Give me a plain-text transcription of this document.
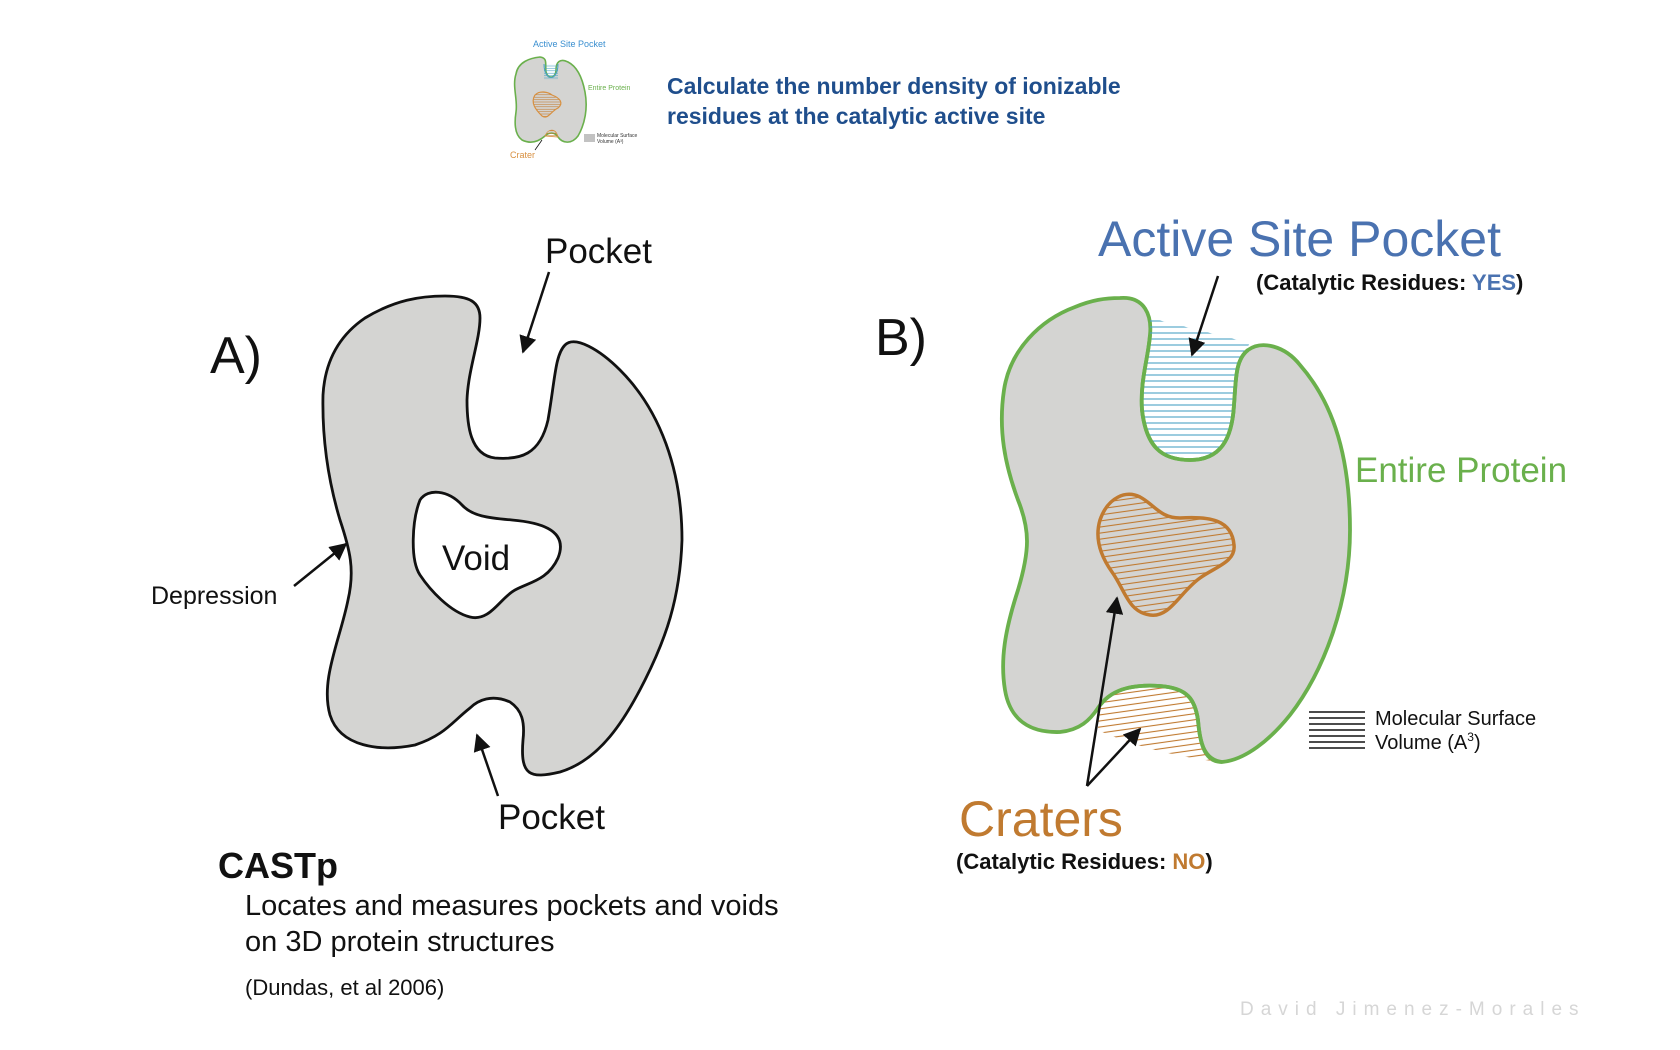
Active Site Pocket
Entire Protein
Crater
Molecular Surface
Volume (A³)
Calculate the number density of ionizable
residues at the catalytic active site
A)
Pocket
Void
Depression
Pocket
B)
Active Site Pocket
(Catalytic Residues: YES)
Entire Protein
Craters
(Catalytic Residues: NO)
Molecular Surface
Volume $(A^3)$
CASTp
Locates and measures pockets and voids
on 3D protein structures
(Dundas, et al 2006)
David Jimenez-Morales
